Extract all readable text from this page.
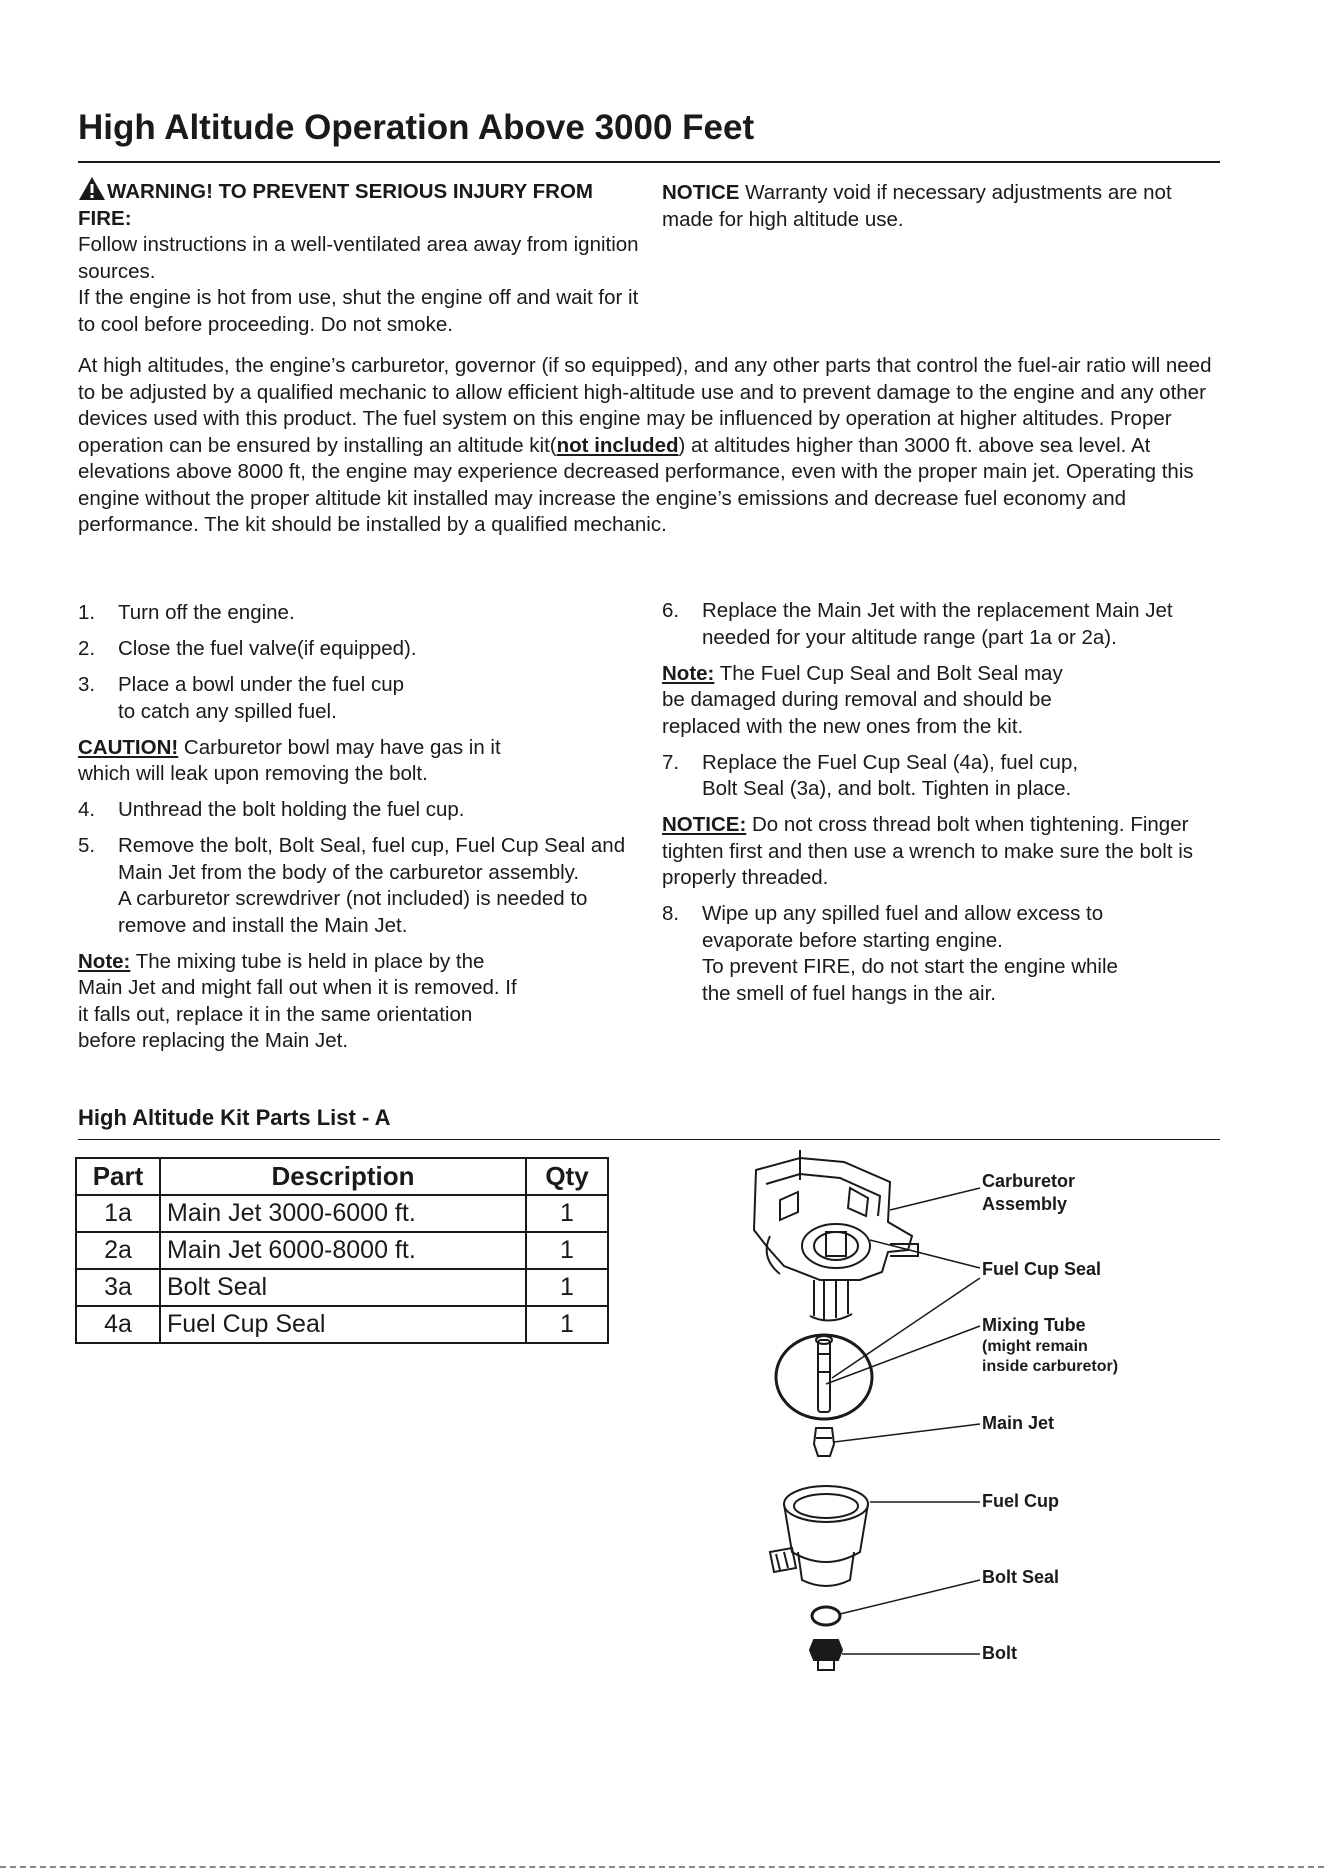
High Altitude Operation Above 3000 Feet
WARNING! TO PREVENT SERIOUS INJURY FROM FIRE:
Follow instructions in a well-ventilated area away from ignition sources.
If the engine is hot from use, shut the engine off and wait for it to cool before proceeding. Do not smoke.
NOTICE Warranty void if necessary adjustments are not made for high altitude use.
At high altitudes, the engine’s carburetor, governor (if so equipped), and any other parts that control the fuel-air ratio will need to be adjusted by a qualified mechanic to allow efficient high-altitude use and to prevent damage to the engine and any other devices used with this product. The fuel system on this engine may be influenced by operation at higher altitudes. Proper operation can be ensured by installing an altitude kit(not included) at altitudes higher than 3000 ft. above sea level. At elevations above 8000 ft, the engine may experience decreased performance, even with the proper main jet. Operating this engine without the proper altitude kit installed may increase the engine’s emissions and decrease fuel economy and performance. The kit should be installed by a qualified mechanic.
1.	Turn off the engine.
2.	Close the fuel valve(if equipped).
3.	Place a bowl under the fuel cup to catch any spilled fuel.
CAUTION! Carburetor bowl may have gas in it which will leak upon removing the bolt.
4.	Unthread the bolt holding the fuel cup.
5.	Remove the bolt, Bolt Seal, fuel cup, Fuel Cup Seal and Main Jet from the body of the carburetor assembly.
A carburetor screwdriver (not included) is needed to remove and install the Main Jet.
Note: The mixing tube is held in place by the Main Jet and might fall out when it is removed. If it falls out, replace it in the same orientation before replacing the Main Jet.
6.	Replace the Main Jet with the replacement Main Jet needed for your altitude range (part 1a or 2a).
Note: The Fuel Cup Seal and Bolt Seal may be damaged during removal and should be replaced with the new ones from the kit.
7.	Replace the Fuel Cup Seal (4a), fuel cup, Bolt Seal (3a), and bolt. Tighten in place.
NOTICE: Do not cross thread bolt when tightening. Finger tighten first and then use a wrench to make sure the bolt is properly threaded.
8.	Wipe up any spilled fuel and allow excess to evaporate before starting engine.
To prevent FIRE, do not start the engine while the smell of fuel hangs in the air.
High Altitude Kit Parts List - A
Part	Description	Qty
1a	Main Jet 3000-6000 ft.	1
2a	Main Jet 6000-8000 ft.	1
3a	Bolt Seal	1
4a	Fuel Cup Seal	1
Carburetor
Assembly
Fuel Cup Seal
Mixing Tube
(might remain
inside carburetor)
Main Jet
Fuel Cup
Bolt Seal
Bolt
